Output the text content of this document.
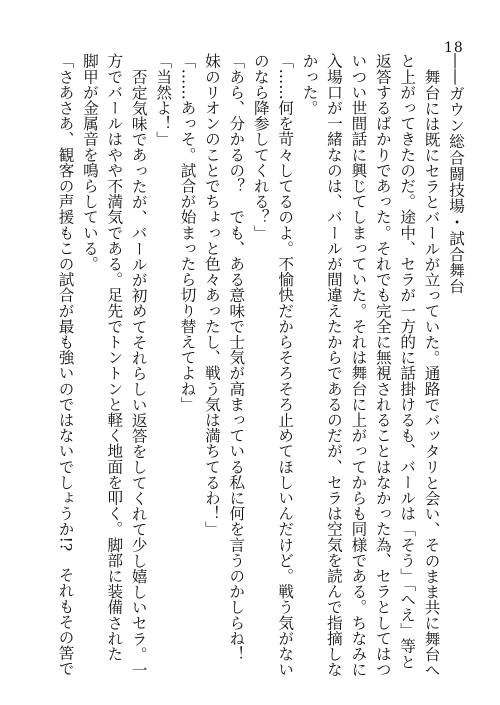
18
――ガウン総合闘技場・試合舞台
舞台には既にセラとバールが立っていた。通路でバッタリと会い、そのまま共に舞台へ
と上がってきたのだ。途中、セラが一方的に話掛けるも、バールは「そう」「へえ」等と
返答するばかりであった。それでも完全に無視されることはなかった為、セラとしてはつ
いつい世間話に興じてしまっていた。それは舞台に上がってからも同様である。ちなみに
入場口が一緒なのは、バールが間違えたからであるのだが、セラは空気を読んで指摘しな
かった。
「……何を苛々してるのよ。不愉快だからそろそろ止めてほしいんだけど。戦う気がない
のなら降参してくれる？」
「あら、分かるの？　でも、ある意味で士気が高まっている私に何を言うのかしらね！
妹のリオンのことでちょっと色々あったし、戦う気は満ちてるわ！」
「……あっそ。試合が始まったら切り替えてよね」
「当然よ！」
否定気味であったが、バールが初めてそれらしい返答をしてくれて少し嬉しいセラ。一
方でバールはやや不満気である。足先でトントンと軽く地面を叩く。脚部に装備された
脚甲が金属音を鳴らしている。
「さあさあ、観客の声援もこの試合が最も強いのではないでしょうか!?　それもその筈で
